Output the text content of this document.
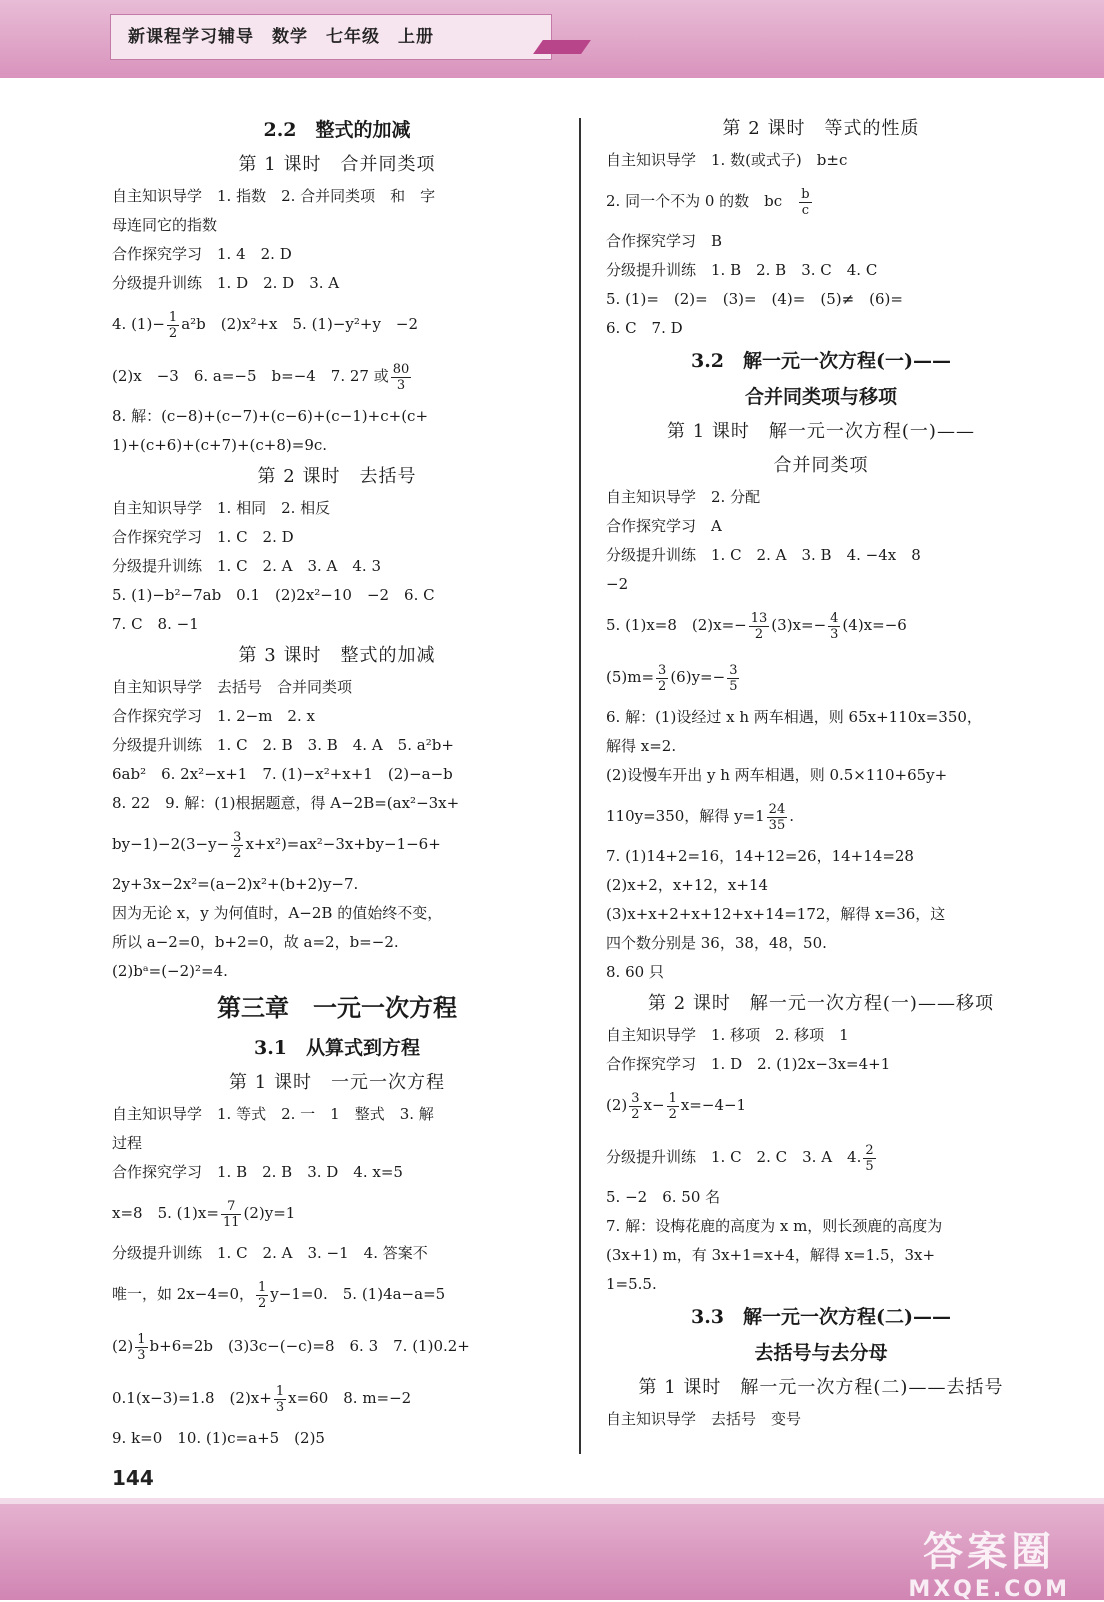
新课程学习辅导　数学　七年级　上册
2.2　整式的加减
第 1 课时　合并同类项
自主知识导学　1. 指数　2. 合并同类项　和　字
母连同它的指数
合作探究学习　1. 4　2. D
分级提升训练　1. D　2. D　3. A
4. $(1)- \frac{1}{2} a^2b$　(2)x²+x　5. (1)−y²+y　−2
(2)x　−3　6. a=−5　b=−4　7. 27 或 $\frac{80}{3}$
8. 解：(c−8)+(c−7)+(c−6)+(c−1)+c+(c+
1)+(c+6)+(c+7)+(c+8)=9c.
第 2 课时　去括号
自主知识导学　1. 相同　2. 相反
合作探究学习　1. C　2. D
分级提升训练　1. C　2. A　3. A　4. 3
5. (1)−b²−7ab　0.1　(2)2x²−10　−2　6. C
7. C　8. −1
第 3 课时　整式的加减
自主知识导学　去括号　合并同类项
合作探究学习　1. 2−m　2. x
分级提升训练　1. C　2. B　3. B　4. A　5. a²b+
6ab²　6. 2x²−x+1　7. (1)−x²+x+1　(2)−a−b
8. 22　9. 解：(1)根据题意，得 A−2B=(ax²−3x+
$by-1)-2(3-y- \frac{3}{2} x+x^2)=ax^2-3x+by-1-6+$
2y+3x−2x²=(a−2)x²+(b+2)y−7.
因为无论 x，y 为何值时，A−2B 的值始终不变，
所以 a−2=0，b+2=0，故 a=2，b=−2.
(2)bᵃ=(−2)²=4.
第三章　一元一次方程
3.1　从算式到方程
第 1 课时　一元一次方程
自主知识导学　1. 等式　2. 一　1　整式　3. 解
过程
合作探究学习　1. B　2. B　3. D　4. x=5
x=8　5. $(1)x= \frac{7}{11} (2)y=1$
分级提升训练　1. C　2. A　3. −1　4. 答案不
唯一，如 2x−4=0， $\frac{1}{2} y-1=0$.　5. (1)4a−a=5
$(2) \frac{1}{3} b+6=2b$　(3)3c−(−c)=8　6. 3　7. (1)0.2+
0.1(x−3)=1.8　$(2)x+ \frac{1}{3} x=60$　8. m=−2
9. k=0　10. (1)c=a+5　(2)5
第 2 课时　等式的性质
自主知识导学　1. 数(或式子)　b±c
2. 同一个不为 0 的数　bc　 $\frac{b}{c}$
合作探究学习　B
分级提升训练　1. B　2. B　3. C　4. C
5. (1)=　(2)=　(3)=　(4)=　(5)≠　(6)=
6. C　7. D
3.2　解一元一次方程(一)——
合并同类项与移项
第 1 课时　解一元一次方程(一)——
合并同类项
自主知识导学　2. 分配
合作探究学习　A
分级提升训练　1. C　2. A　3. B　4. −4x　8
−2
5. (1)x=8　$(2)x=- \frac{13}{2} (3)x=- \frac{4}{3} (4)x=-6$
$(5)m= \frac{3}{2} (6)y=- \frac{3}{5}$
6. 解：(1)设经过 x h 两车相遇，则 65x+110x=350，
解得 x=2.
(2)设慢车开出 y h 两车相遇，则 0.5×110+65y+
110y=350，解得 $y=1 \frac{24}{35}$ .
7. (1)14+2=16，14+12=26，14+14=28
(2)x+2，x+12，x+14
(3)x+x+2+x+12+x+14=172，解得 x=36，这
四个数分别是 36，38，48，50.
8. 60 只
第 2 课时　解一元一次方程(一)——移项
自主知识导学　1. 移项　2. 移项　1
合作探究学习　1. D　2. (1)2x−3x=4+1
$(2) \frac{3}{2} x- \frac{1}{2} x=-4-1$
分级提升训练　1. C　2. C　3. A　4. $\frac{2}{5}$
5. −2　6. 50 名
7. 解：设梅花鹿的高度为 x m，则长颈鹿的高度为
(3x+1) m，有 3x+1=x+4，解得 x=1.5，3x+
1=5.5.
3.3　解一元一次方程(二)——
去括号与去分母
第 1 课时　解一元一次方程(二)——去括号
自主知识导学　去括号　变号
144
答案圈
MXQE.COM
